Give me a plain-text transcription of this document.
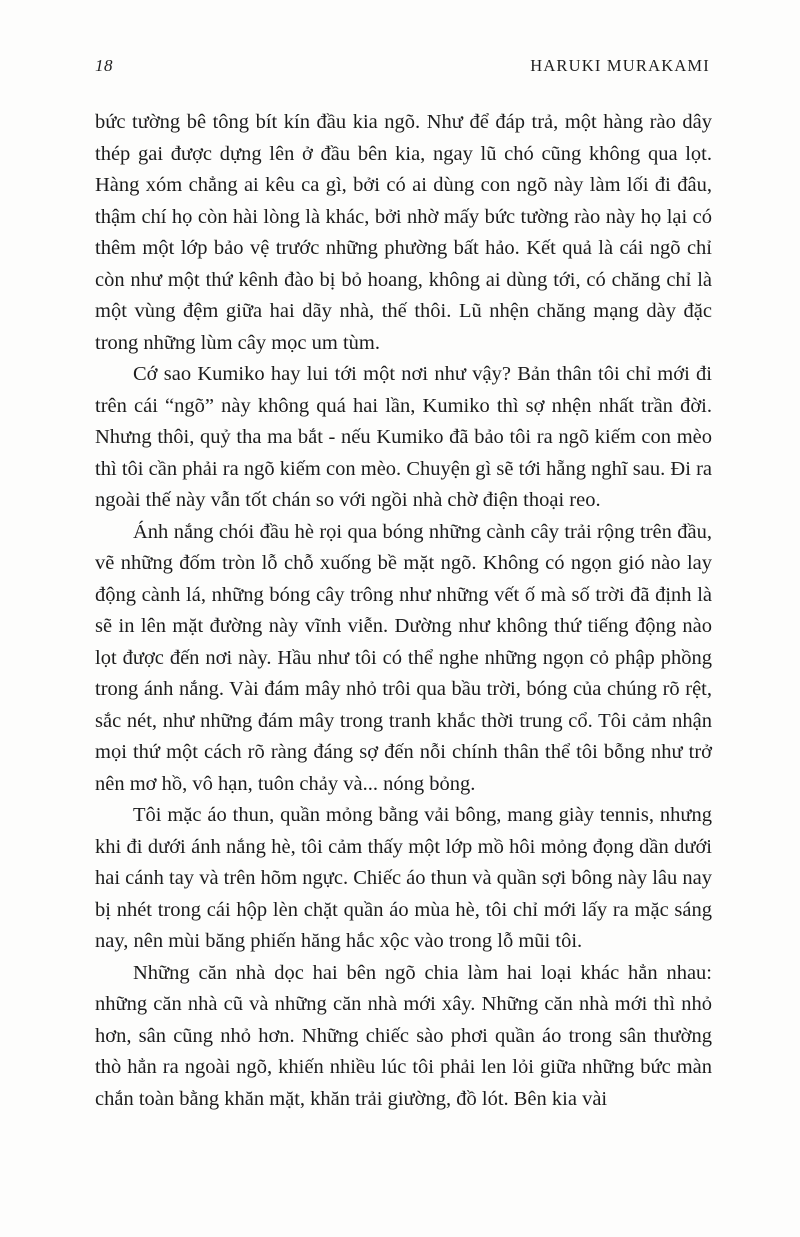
18	HARUKI MURAKAMI

bức tường bê tông bít kín đầu kia ngõ. Như để đáp trả, một hàng rào dây thép gai được dựng lên ở đầu bên kia, ngay lũ chó cũng không qua lọt. Hàng xóm chẳng ai kêu ca gì, bởi có ai dùng con ngõ này làm lối đi đâu, thậm chí họ còn hài lòng là khác, bởi nhờ mấy bức tường rào này họ lại có thêm một lớp bảo vệ trước những phường bất hảo. Kết quả là cái ngõ chỉ còn như một thứ kênh đào bị bỏ hoang, không ai dùng tới, có chăng chỉ là một vùng đệm giữa hai dãy nhà, thế thôi. Lũ nhện chăng mạng dày đặc trong những lùm cây mọc um tùm.

Cớ sao Kumiko hay lui tới một nơi như vậy? Bản thân tôi chỉ mới đi trên cái “ngõ” này không quá hai lần, Kumiko thì sợ nhện nhất trần đời. Nhưng thôi, quỷ tha ma bắt - nếu Kumiko đã bảo tôi ra ngõ kiếm con mèo thì tôi cần phải ra ngõ kiếm con mèo. Chuyện gì sẽ tới hẵng nghĩ sau. Đi ra ngoài thế này vẫn tốt chán so với ngồi nhà chờ điện thoại reo.

Ánh nắng chói đầu hè rọi qua bóng những cành cây trải rộng trên đầu, vẽ những đốm tròn lỗ chỗ xuống bề mặt ngõ. Không có ngọn gió nào lay động cành lá, những bóng cây trông như những vết ố mà số trời đã định là sẽ in lên mặt đường này vĩnh viễn. Dường như không thứ tiếng động nào lọt được đến nơi này. Hầu như tôi có thể nghe những ngọn cỏ phập phồng trong ánh nắng. Vài đám mây nhỏ trôi qua bầu trời, bóng của chúng rõ rệt, sắc nét, như những đám mây trong tranh khắc thời trung cổ. Tôi cảm nhận mọi thứ một cách rõ ràng đáng sợ đến nỗi chính thân thể tôi bỗng như trở nên mơ hồ, vô hạn, tuôn chảy và... nóng bỏng.

Tôi mặc áo thun, quần mỏng bằng vải bông, mang giày tennis, nhưng khi đi dưới ánh nắng hè, tôi cảm thấy một lớp mồ hôi mỏng đọng dần dưới hai cánh tay và trên hõm ngực. Chiếc áo thun và quần sợi bông này lâu nay bị nhét trong cái hộp lèn chặt quần áo mùa hè, tôi chỉ mới lấy ra mặc sáng nay, nên mùi băng phiến hăng hắc xộc vào trong lỗ mũi tôi.

Những căn nhà dọc hai bên ngõ chia làm hai loại khác hẳn nhau: những căn nhà cũ và những căn nhà mới xây. Những căn nhà mới thì nhỏ hơn, sân cũng nhỏ hơn. Những chiếc sào phơi quần áo trong sân thường thò hẳn ra ngoài ngõ, khiến nhiều lúc tôi phải len lỏi giữa những bức màn chắn toàn bằng khăn mặt, khăn trải giường, đồ lót. Bên kia vài
